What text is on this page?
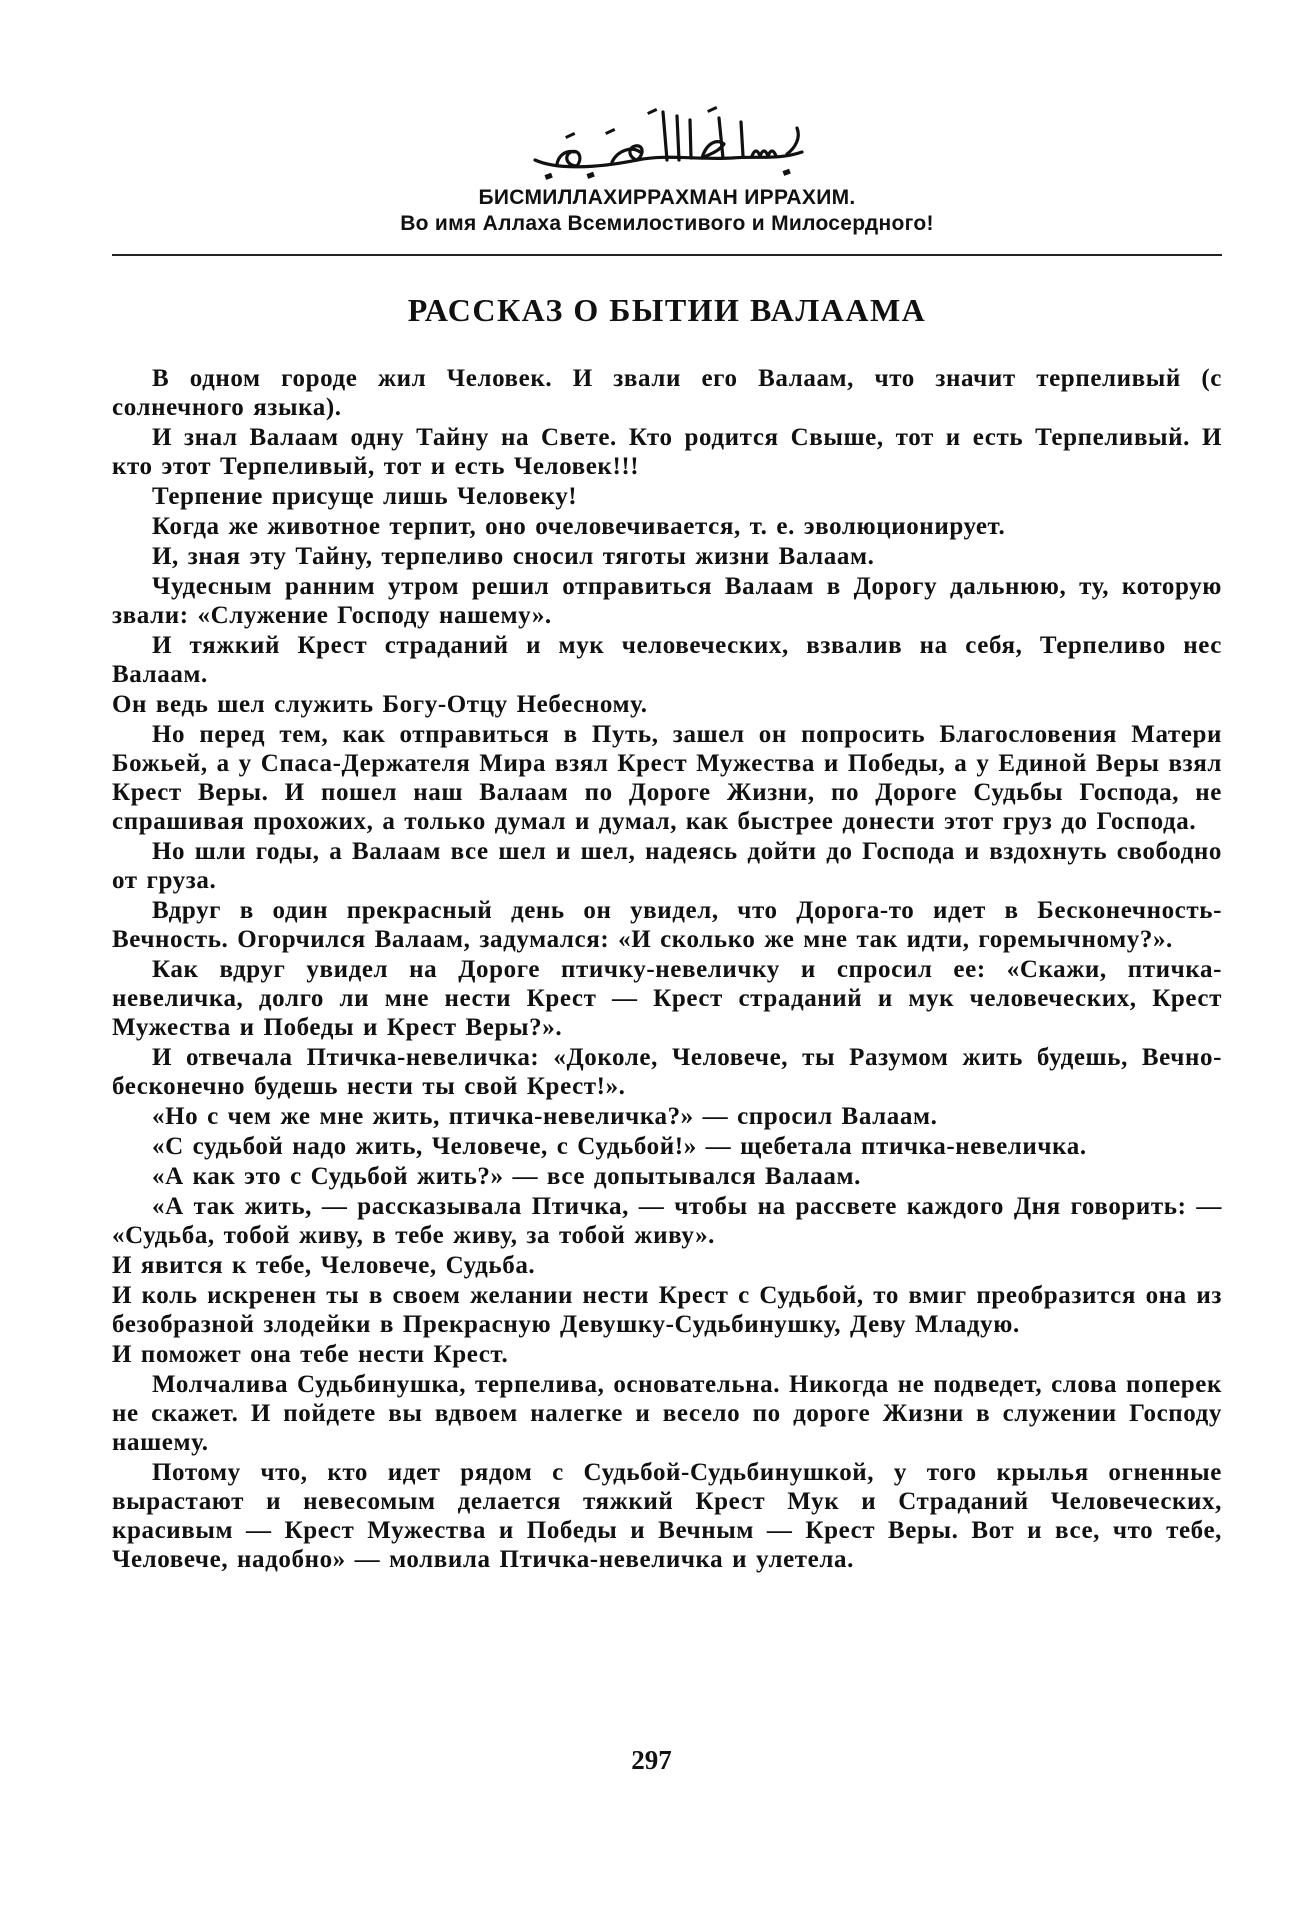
БИСМИЛЛАХИРРАХМАН ИРРАХИМ.
Во имя Аллаха Всемилостивого и Милосердного!
РАССКАЗ О БЫТИИ ВАЛААМА

В одном городе жил Человек. И звали его Валаам, что значит терпеливый (с солнечного языка).

И знал Валаам одну Тайну на Свете. Кто родится Свыше, тот и есть Терпеливый. И кто этот Терпеливый, тот и есть Человек!!!

Терпение присуще лишь Человеку!

Когда же животное терпит, оно очеловечивается, т. е. эволюционирует.

И, зная эту Тайну, терпеливо сносил тяготы жизни Валаам.

Чудесным ранним утром решил отправиться Валаам в Дорогу дальнюю, ту, которую звали: «Служение Господу нашему».

И тяжкий Крест страданий и мук человеческих, взвалив на себя, Терпеливо нес Валаам.

Он ведь шел служить Богу-Отцу Небесному.

Но перед тем, как отправиться в Путь, зашел он попросить Благословения Матери Божьей, а у Спаса-Держателя Мира взял Крест Мужества и Победы, а у Единой Веры взял Крест Веры. И пошел наш Валаам по Дороге Жизни, по Дороге Судьбы Господа, не спрашивая прохожих, а только думал и думал, как быстрее донести этот груз до Господа.

Но шли годы, а Валаам все шел и шел, надеясь дойти до Господа и вздохнуть свободно от груза.

Вдруг в один прекрасный день он увидел, что Дорога-то идет в Бесконечность-Вечность. Огорчился Валаам, задумался: «И сколько же мне так идти, горемычному?».

Как вдруг увидел на Дороге птичку-невеличку и спросил ее: «Скажи, птичка-невеличка, долго ли мне нести Крест — Крест страданий и мук человеческих, Крест Мужества и Победы и Крест Веры?».

И отвечала Птичка-невеличка: «Доколе, Человече, ты Разумом жить будешь, Вечно-бесконечно будешь нести ты свой Крест!».

«Но с чем же мне жить, птичка-невеличка?» — спросил Валаам.

«С судьбой надо жить, Человече, с Судьбой!» — щебетала птичка-невеличка.

«А как это с Судьбой жить?» — все допытывался Валаам.

«А так жить, — рассказывала Птичка, — чтобы на рассвете каждого Дня говорить: — «Судьба, тобой живу, в тебе живу, за тобой живу».

И явится к тебе, Человече, Судьба.

И коль искренен ты в своем желании нести Крест с Судьбой, то вмиг преобразится она из безобразной злодейки в Прекрасную Девушку-Судьбинушку, Деву Младую.

И поможет она тебе нести Крест.

Молчалива Судьбинушка, терпелива, основательна. Никогда не подведет, слова поперек не скажет. И пойдете вы вдвоем налегке и весело по дороге Жизни в служении Господу нашему.

Потому что, кто идет рядом с Судьбой-Судьбинушкой, у того крылья огненные вырастают и невесомым делается тяжкий Крест Мук и Страданий Человеческих, красивым — Крест Мужества и Победы и Вечным — Крест Веры. Вот и все, что тебе, Человече, надобно» — молвила Птичка-невеличка и улетела.

297
